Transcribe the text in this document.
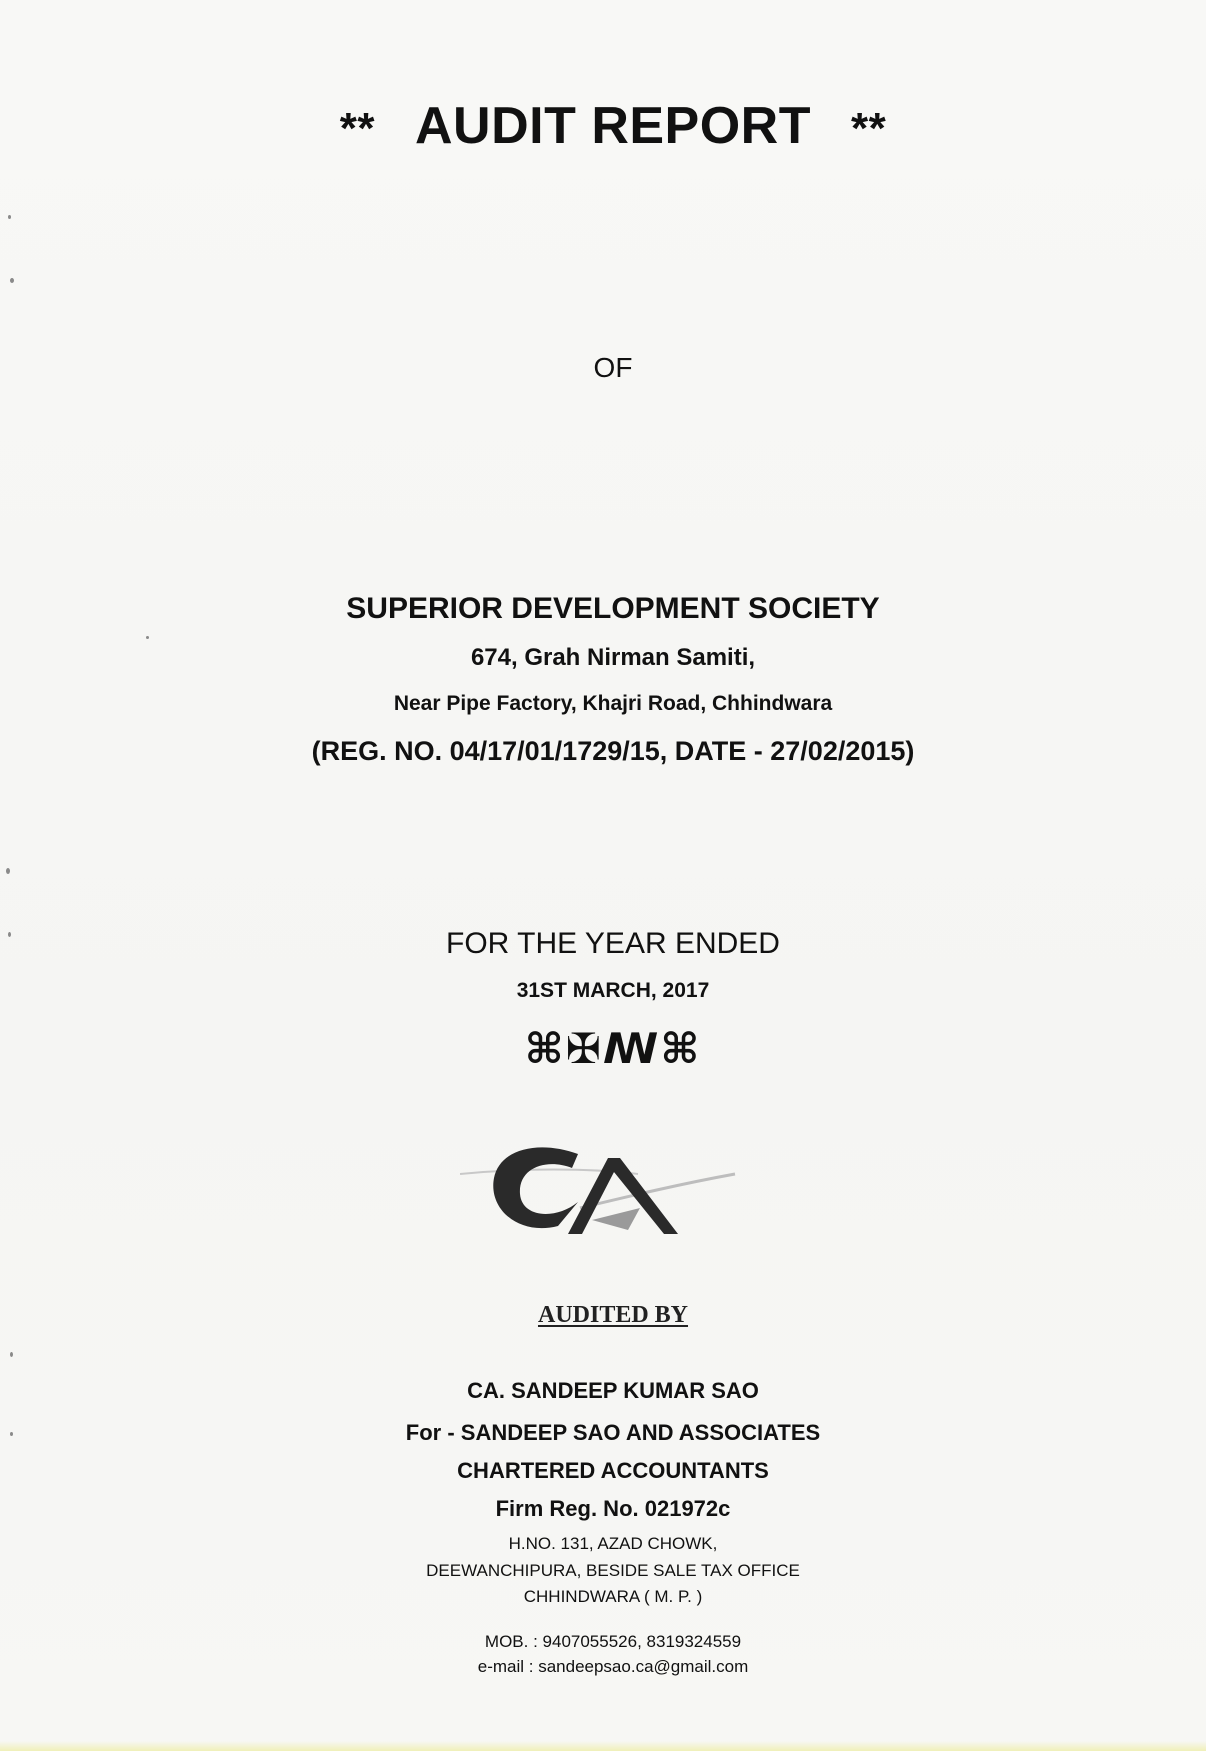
** AUDIT REPORT **
OF
SUPERIOR DEVELOPMENT SOCIETY
674, Grah Nirman Samiti,
Near Pipe Factory, Khajri Road, Chhindwara
(REG. NO. 04/17/01/1729/15, DATE - 27/02/2015)
FOR THE YEAR ENDED
31ST MARCH, 2017
⌘✠ꟿ⌘
AUDITED BY
CA. SANDEEP KUMAR SAO
For - SANDEEP SAO AND ASSOCIATES
CHARTERED ACCOUNTANTS
Firm Reg. No. 021972c
H.NO. 131, AZAD CHOWK,
DEEWANCHIPURA, BESIDE SALE TAX OFFICE
CHHINDWARA ( M. P. )
MOB. : 9407055526, 8319324559
e-mail : sandeepsao.ca@gmail.com
